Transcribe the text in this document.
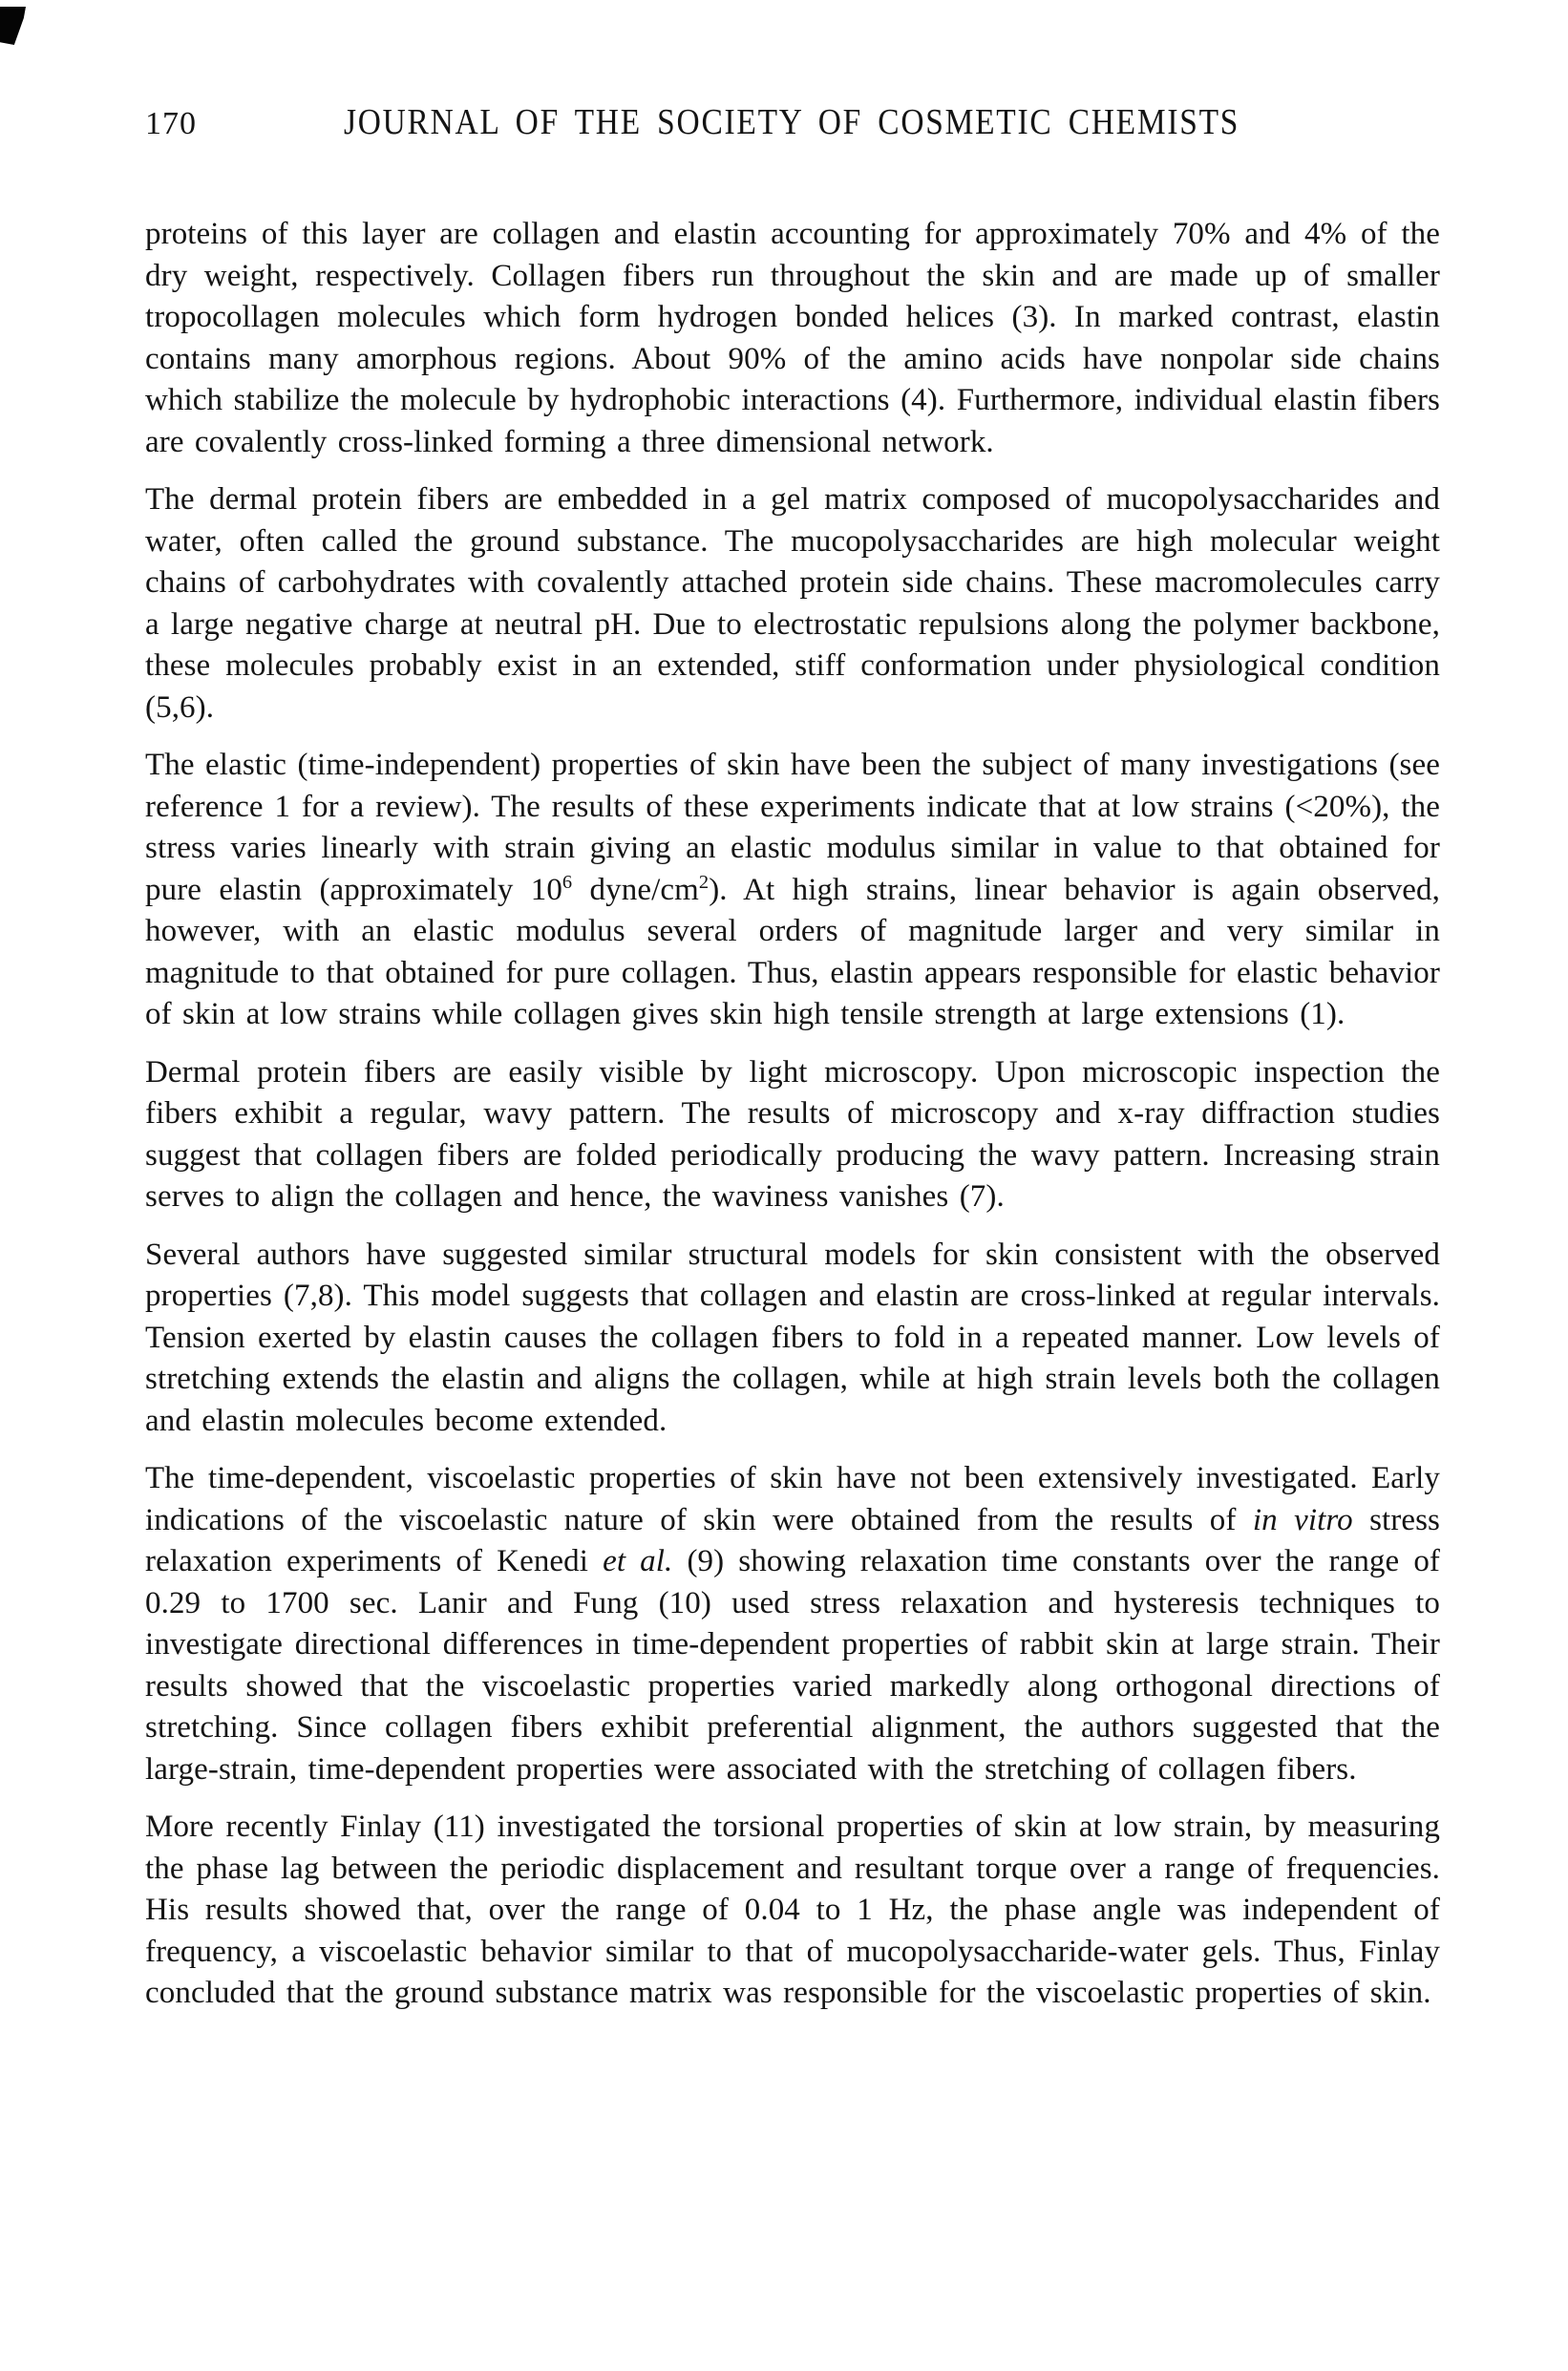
170	JOURNAL OF THE SOCIETY OF COSMETIC CHEMISTS

proteins of this layer are collagen and elastin accounting for approximately 70% and 4% of the dry weight, respectively. Collagen fibers run throughout the skin and are made up of smaller tropocollagen molecules which form hydrogen bonded helices (3). In marked contrast, elastin contains many amorphous regions. About 90% of the amino acids have nonpolar side chains which stabilize the molecule by hydrophobic interactions (4). Furthermore, individual elastin fibers are covalently cross-linked forming a three dimensional network.

The dermal protein fibers are embedded in a gel matrix composed of mucopolysaccharides and water, often called the ground substance. The mucopolysaccharides are high molecular weight chains of carbohydrates with covalently attached protein side chains. These macromolecules carry a large negative charge at neutral pH. Due to electrostatic repulsions along the polymer backbone, these molecules probably exist in an extended, stiff conformation under physiological condition (5,6).

The elastic (time-independent) properties of skin have been the subject of many investigations (see reference 1 for a review). The results of these experiments indicate that at low strains (<20%), the stress varies linearly with strain giving an elastic modulus similar in value to that obtained for pure elastin (approximately $10^6$ dyne/$cm^2$). At high strains, linear behavior is again observed, however, with an elastic modulus several orders of magnitude larger and very similar in magnitude to that obtained for pure collagen. Thus, elastin appears responsible for elastic behavior of skin at low strains while collagen gives skin high tensile strength at large extensions (1).

Dermal protein fibers are easily visible by light microscopy. Upon microscopic inspection the fibers exhibit a regular, wavy pattern. The results of microscopy and x-ray diffraction studies suggest that collagen fibers are folded periodically producing the wavy pattern. Increasing strain serves to align the collagen and hence, the waviness vanishes (7).

Several authors have suggested similar structural models for skin consistent with the observed properties (7,8). This model suggests that collagen and elastin are cross-linked at regular intervals. Tension exerted by elastin causes the collagen fibers to fold in a repeated manner. Low levels of stretching extends the elastin and aligns the collagen, while at high strain levels both the collagen and elastin molecules become extended.

The time-dependent, viscoelastic properties of skin have not been extensively investigated. Early indications of the viscoelastic nature of skin were obtained from the results of in vitro stress relaxation experiments of Kenedi et al. (9) showing relaxation time constants over the range of 0.29 to 1700 sec. Lanir and Fung (10) used stress relaxation and hysteresis techniques to investigate directional differences in time-dependent properties of rabbit skin at large strain. Their results showed that the viscoelastic properties varied markedly along orthogonal directions of stretching. Since collagen fibers exhibit preferential alignment, the authors suggested that the large-strain, time-dependent properties were associated with the stretching of collagen fibers.

More recently Finlay (11) investigated the torsional properties of skin at low strain, by measuring the phase lag between the periodic displacement and resultant torque over a range of frequencies. His results showed that, over the range of 0.04 to 1 Hz, the phase angle was independent of frequency, a viscoelastic behavior similar to that of mucopolysaccharide-water gels. Thus, Finlay concluded that the ground substance matrix was responsible for the viscoelastic properties of skin.
